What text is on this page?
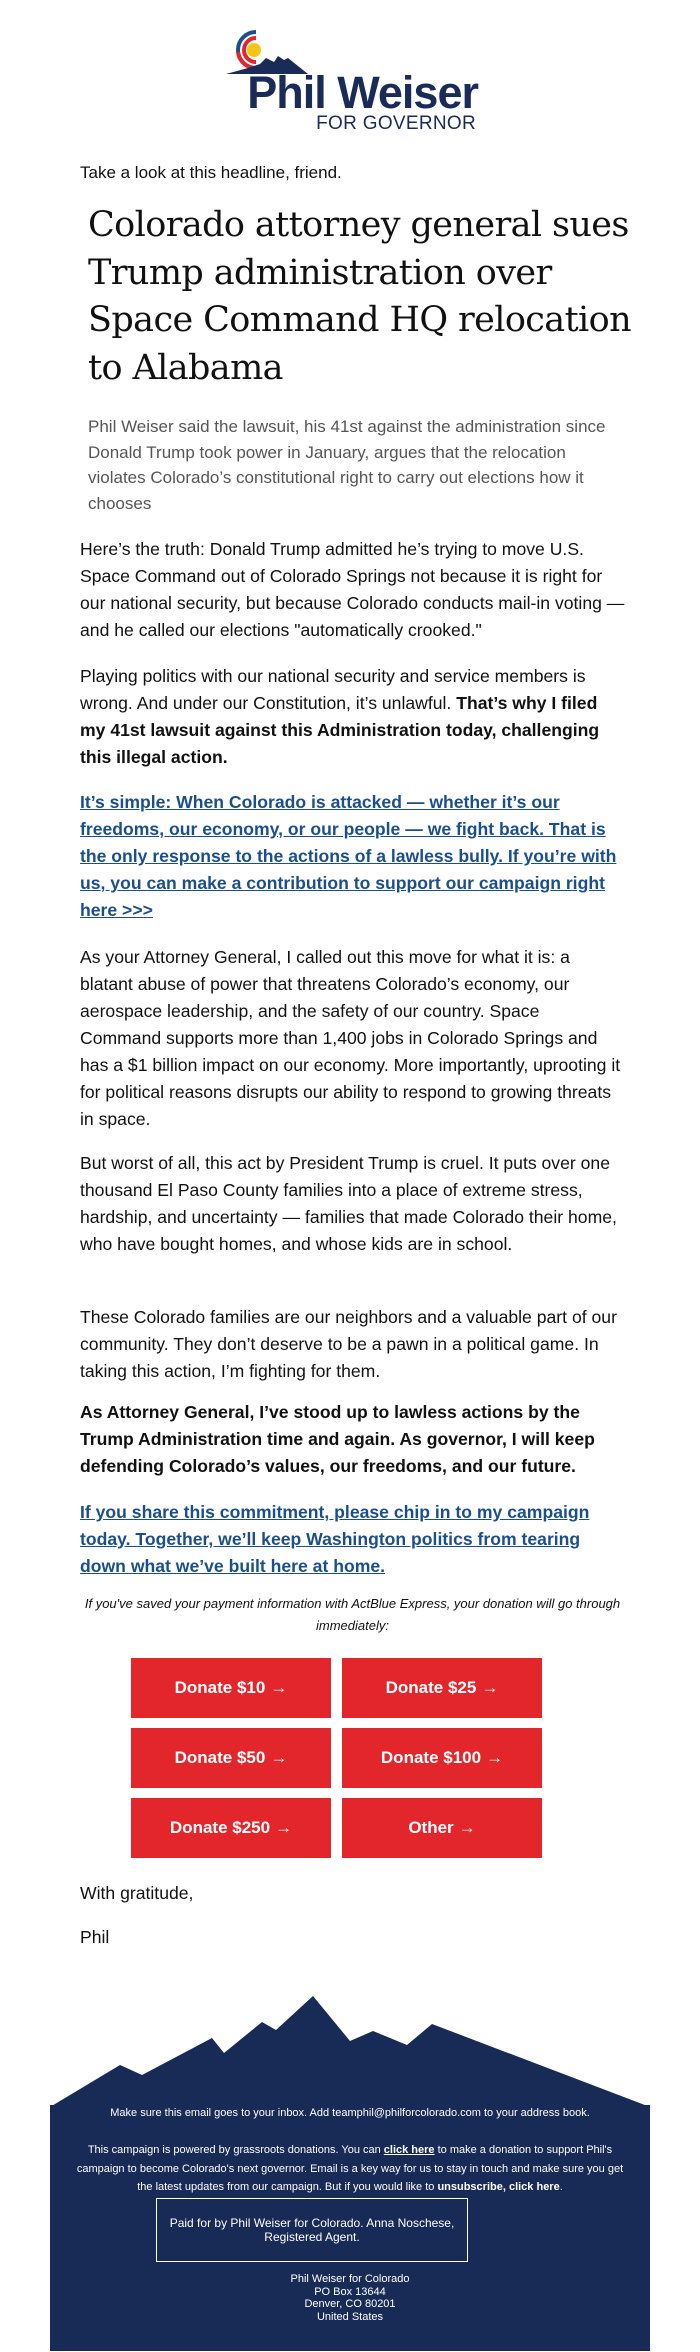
Phil Weiser
FOR GOVERNOR
Take a look at this headline, friend.
Colorado attorney general sues Trump administration over Space Command HQ relocation to Alabama
Phil Weiser said the lawsuit, his 41st against the administration since Donald Trump took power in January, argues that the relocation violates Colorado’s constitutional right to carry out elections how it chooses
Here’s the truth: Donald Trump admitted he’s trying to move U.S. Space Command out of Colorado Springs not because it is right for our national security, but because Colorado conducts mail-in voting — and he called our elections "automatically crooked."
Playing politics with our national security and service members is wrong. And under our Constitution, it’s unlawful. That’s why I filed my 41st lawsuit against this Administration today, challenging this illegal action.
It’s simple: When Colorado is attacked — whether it’s our freedoms, our economy, or our people — we fight back. That is the only response to the actions of a lawless bully. If you’re with us, you can make a contribution to support our campaign right here >>>
As your Attorney General, I called out this move for what it is: a blatant abuse of power that threatens Colorado’s economy, our aerospace leadership, and the safety of our country. Space Command supports more than 1,400 jobs in Colorado Springs and has a $1 billion impact on our economy. More importantly, uprooting it for political reasons disrupts our ability to respond to growing threats in space.
But worst of all, this act by President Trump is cruel. It puts over one thousand El Paso County families into a place of extreme stress, hardship, and uncertainty — families that made Colorado their home, who have bought homes, and whose kids are in school.
These Colorado families are our neighbors and a valuable part of our community. They don’t deserve to be a pawn in a political game. In taking this action, I’m fighting for them.
As Attorney General, I’ve stood up to lawless actions by the Trump Administration time and again. As governor, I will keep defending Colorado’s values, our freedoms, and our future.
If you share this commitment, please chip in to my campaign today. Together, we’ll keep Washington politics from tearing down what we’ve built here at home.
If you've saved your payment information with ActBlue Express, your donation will go through immediately:
Donate $10 →	Donate $25 →
Donate $50 →	Donate $100 →
Donate $250 →	Other →
With gratitude,
Phil
Make sure this email goes to your inbox. Add teamphil@philforcolorado.com to your address book.
This campaign is powered by grassroots donations. You can click here to make a donation to support Phil's campaign to become Colorado's next governor. Email is a key way for us to stay in touch and make sure you get the latest updates from our campaign. But if you would like to unsubscribe, click here.
Paid for by Phil Weiser for Colorado. Anna Noschese, Registered Agent.
Phil Weiser for Colorado
PO Box 13644
Denver, CO 80201
United States
